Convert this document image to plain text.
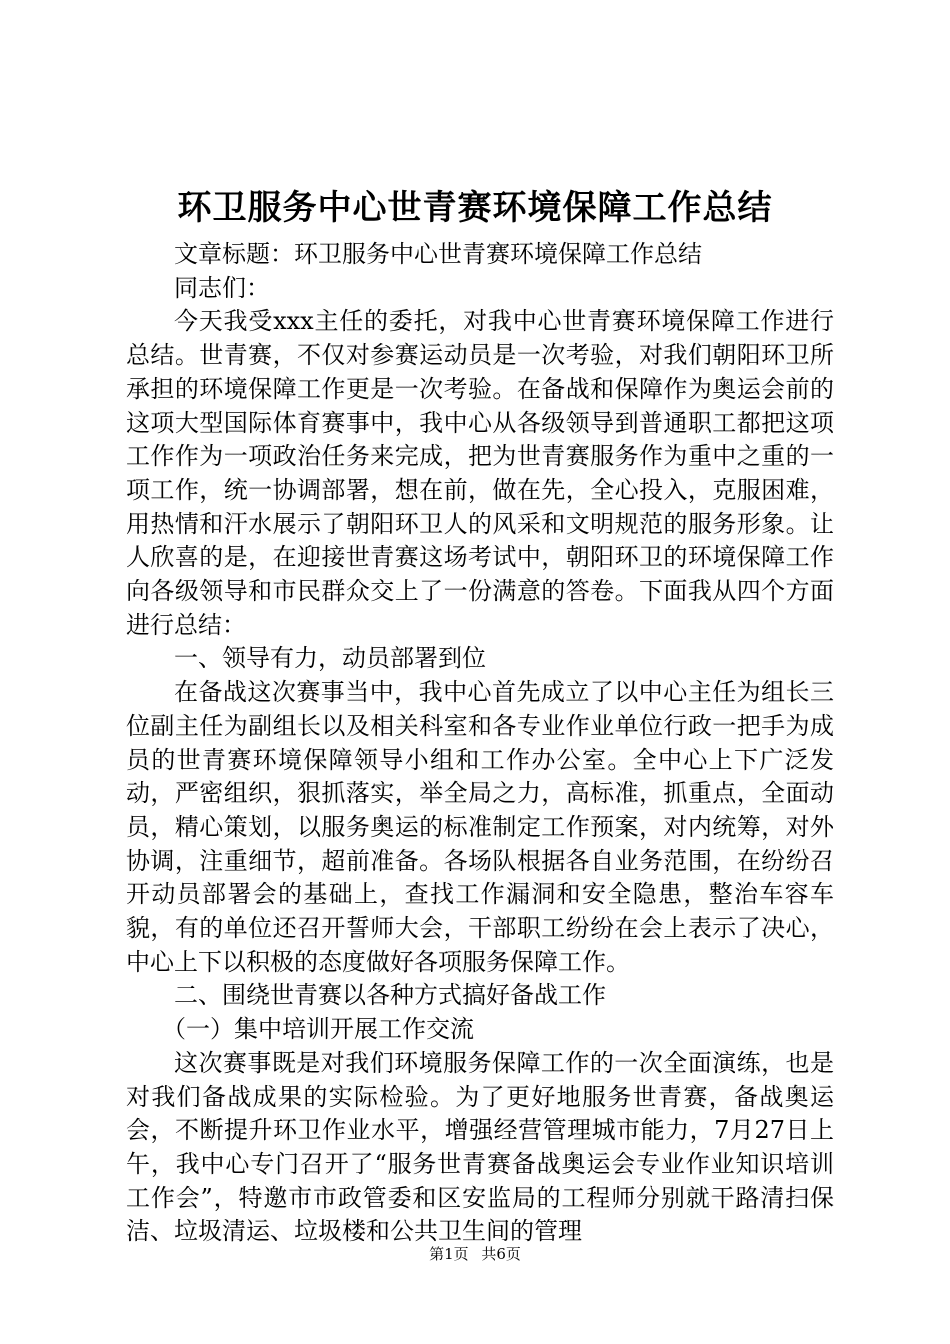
环卫服务中心世青赛环境保障工作总结

文章标题：环卫服务中心世青赛环境保障工作总结

同志们：

今天我受xxx主任的委托，对我中心世青赛环境保障工作进行总结。世青赛，不仅对参赛运动员是一次考验，对我们朝阳环卫所承担的环境保障工作更是一次考验。在备战和保障作为奥运会前的这项大型国际体育赛事中，我中心从各级领导到普通职工都把这项工作作为一项政治任务来完成，把为世青赛服务作为重中之重的一项工作，统一协调部署，想在前，做在先，全心投入，克服困难，用热情和汗水展示了朝阳环卫人的风采和文明规范的服务形象。让人欣喜的是，在迎接世青赛这场考试中，朝阳环卫的环境保障工作向各级领导和市民群众交上了一份满意的答卷。下面我从四个方面进行总结：

一、领导有力，动员部署到位

在备战这次赛事当中，我中心首先成立了以中心主任为组长三位副主任为副组长以及相关科室和各专业作业单位行政一把手为成员的世青赛环境保障领导小组和工作办公室。全中心上下广泛发动，严密组织，狠抓落实，举全局之力，高标准，抓重点，全面动员，精心策划，以服务奥运的标准制定工作预案，对内统筹，对外协调，注重细节，超前准备。各场队根据各自业务范围，在纷纷召开动员部署会的基础上，查找工作漏洞和安全隐患，整治车容车貌，有的单位还召开誓师大会，干部职工纷纷在会上表示了决心，中心上下以积极的态度做好各项服务保障工作。

二、围绕世青赛以各种方式搞好备战工作

（一）集中培训开展工作交流

这次赛事既是对我们环境服务保障工作的一次全面演练，也是对我们备战成果的实际检验。为了更好地服务世青赛，备战奥运会，不断提升环卫作业水平，增强经营管理城市能力，7月27日上午，我中心专门召开了“服务世青赛备战奥运会专业作业知识培训工作会”，特邀市市政管委和区安监局的工程师分别就干路清扫保洁、垃圾清运、垃圾楼和公共卫生间的管理

第1页 共6页
